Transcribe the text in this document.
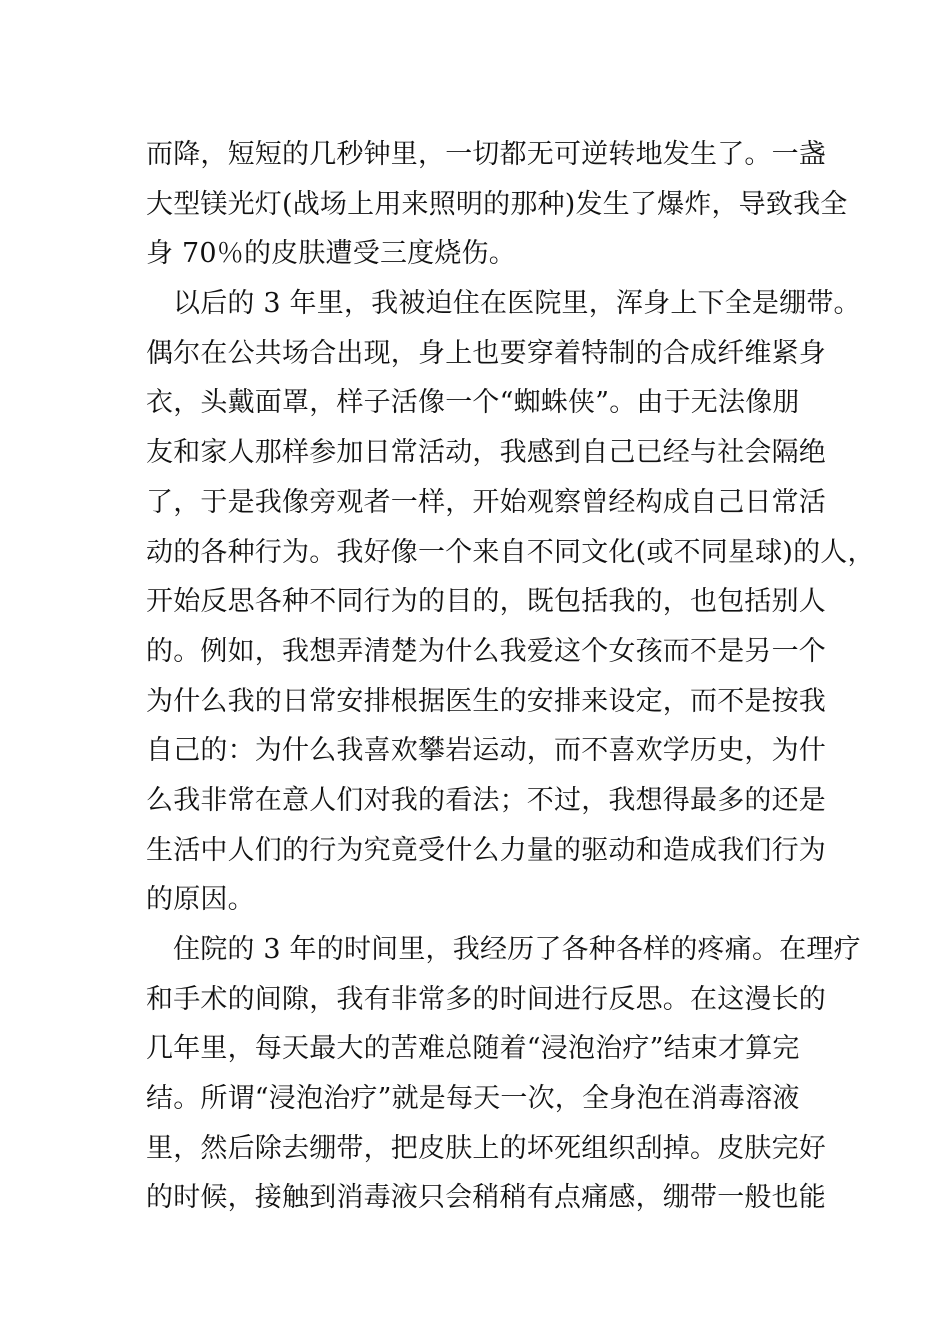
而降，短短的几秒钟里，一切都无可逆转地发生了。一盏
大型镁光灯(战场上用来照明的那种)发生了爆炸，导致我全
身 70％的皮肤遭受三度烧伤。
以后的 3 年里，我被迫住在医院里，浑身上下全是绷带。
偶尔在公共场合出现，身上也要穿着特制的合成纤维紧身
衣，头戴面罩，样子活像一个“蜘蛛侠”。由于无法像朋
友和家人那样参加日常活动，我感到自己已经与社会隔绝
了，于是我像旁观者一样，开始观察曾经构成自己日常活
动的各种行为。我好像一个来自不同文化(或不同星球)的人，
开始反思各种不同行为的目的，既包括我的，也包括别人
的。例如，我想弄清楚为什么我爱这个女孩而不是另一个
为什么我的日常安排根据医生的安排来设定，而不是按我
自己的：为什么我喜欢攀岩运动，而不喜欢学历史，为什
么我非常在意人们对我的看法；不过，我想得最多的还是
生活中人们的行为究竟受什么力量的驱动和造成我们行为
的原因。
住院的 3 年的时间里，我经历了各种各样的疼痛。在理疗
和手术的间隙，我有非常多的时间进行反思。在这漫长的
几年里，每天最大的苦难总随着“浸泡治疗”结束才算完
结。所谓“浸泡治疗”就是每天一次，全身泡在消毒溶液
里，然后除去绷带，把皮肤上的坏死组织刮掉。皮肤完好
的时候，接触到消毒液只会稍稍有点痛感，绷带一般也能
